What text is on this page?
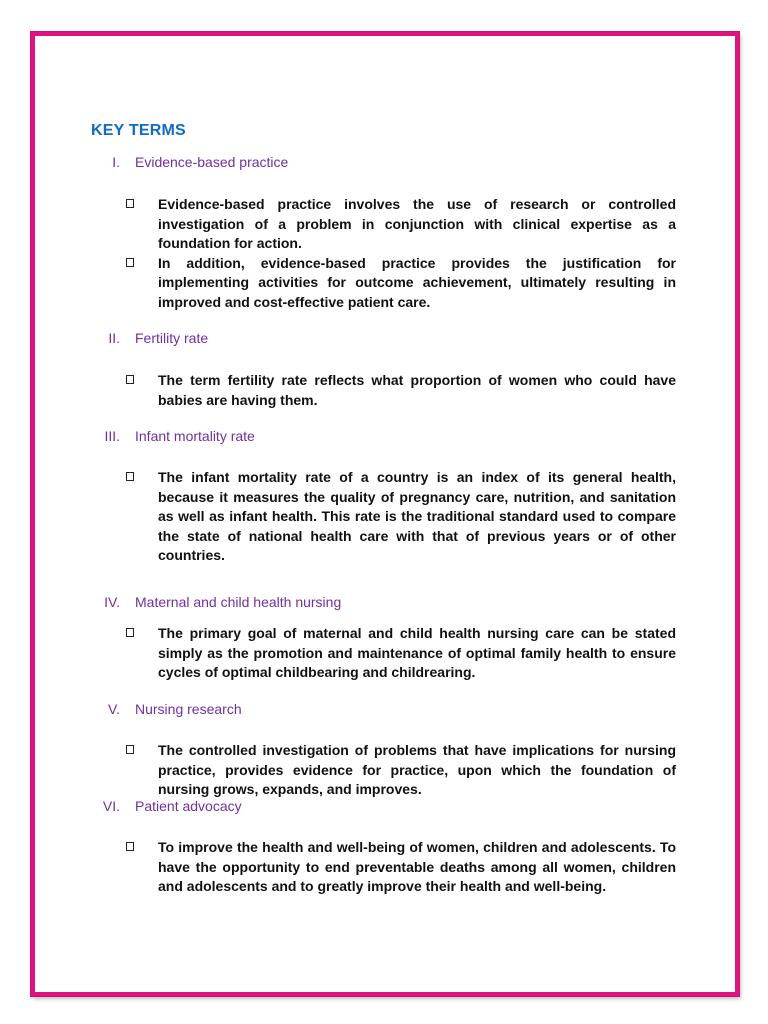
KEY TERMS
I. Evidence-based practice
Evidence-based practice involves the use of research or controlled investigation of a problem in conjunction with clinical expertise as a foundation for action.
In addition, evidence-based practice provides the justification for implementing activities for outcome achievement, ultimately resulting in improved and cost-effective patient care.
II. Fertility rate
The term fertility rate reflects what proportion of women who could have babies are having them.
III. Infant mortality rate
The infant mortality rate of a country is an index of its general health, because it measures the quality of pregnancy care, nutrition, and sanitation as well as infant health. This rate is the traditional standard used to compare the state of national health care with that of previous years or of other countries.
IV. Maternal and child health nursing
The primary goal of maternal and child health nursing care can be stated simply as the promotion and maintenance of optimal family health to ensure cycles of optimal childbearing and childrearing.
V. Nursing research
The controlled investigation of problems that have implications for nursing practice, provides evidence for practice, upon which the foundation of nursing grows, expands, and improves.
VI. Patient advocacy
To improve the health and well-being of women, children and adolescents. To have the opportunity to end preventable deaths among all women, children and adolescents and to greatly improve their health and well-being.
